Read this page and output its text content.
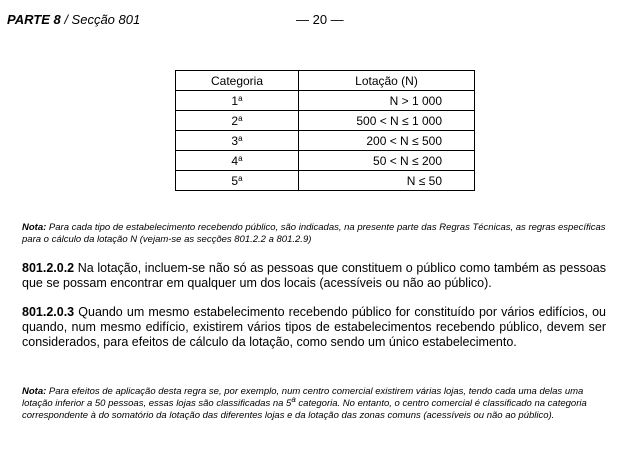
PARTE 8 / Secção 801	— 20 —
Categoria	Lotação (N)
1$^a$	N > 1 000
2$^a$	500 < N ≤ 1 000
3$^a$	200 < N ≤ 500
4$^a$	50 < N ≤ 200
5$^a$	N ≤ 50
Nota: Para cada tipo de estabelecimento recebendo público, são indicadas, na presente parte das Regras Técnicas, as regras específicas para o cálculo da lotação N (vejam-se as secções 801.2.2 a 801.2.9)
801.2.0.2 Na lotação, incluem-se não só as pessoas que constituem o público como também as pessoas que se possam encontrar em qualquer um dos locais (acessíveis ou não ao público).
801.2.0.3 Quando um mesmo estabelecimento recebendo público for constituído por vários edifícios, ou quando, num mesmo edifício, existirem vários tipos de estabelecimentos recebendo público, devem ser considerados, para efeitos de cálculo da lotação, como sendo um único estabelecimento.
Nota: Para efeitos de aplicação desta regra se, por exemplo, num centro comercial existirem várias lojas, tendo cada uma delas uma lotação inferior a 50 pessoas, essas lojas são classificadas na 5$^a$ categoria. No entanto, o centro comercial é classificado na categoria correspondente à do somatório da lotação das diferentes lojas e da lotação das zonas comuns (acessíveis ou não ao público).
